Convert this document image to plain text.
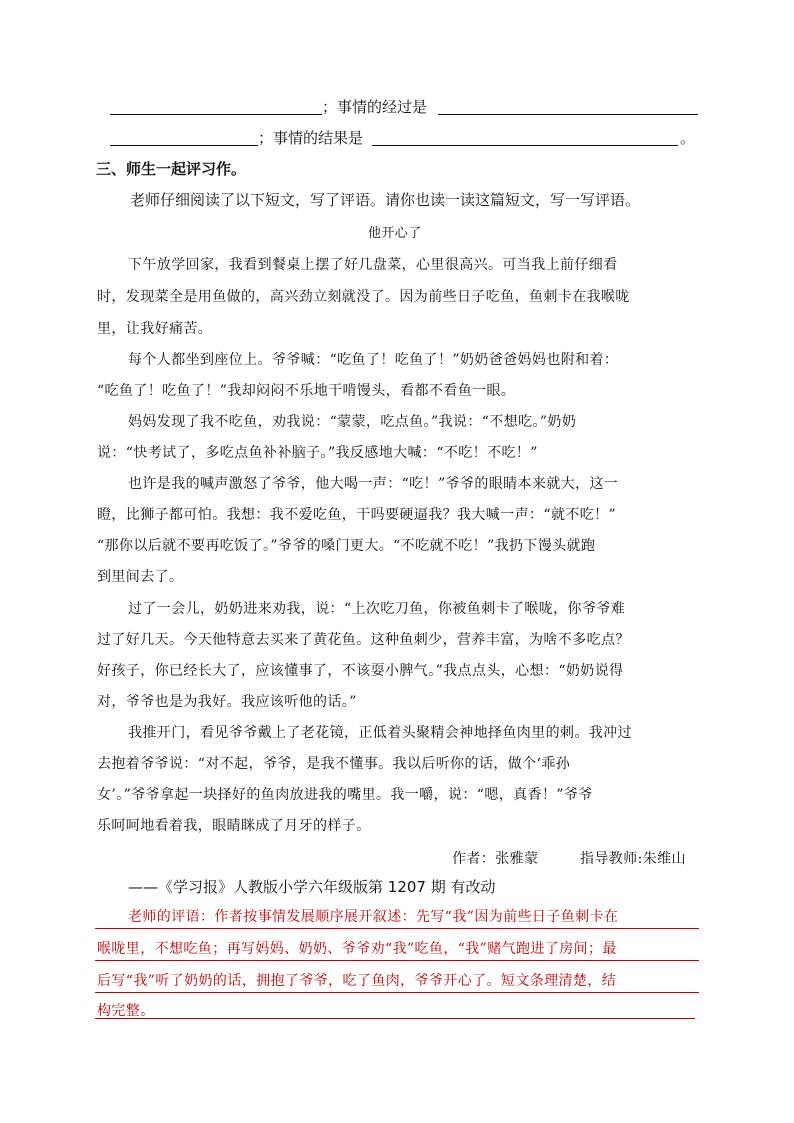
；事情的经过是
；事情的结果是	。
三、师生一起评习作。
老师仔细阅读了以下短文，写了评语。请你也读一读这篇短文，写一写评语。
他开心了
下午放学回家，我看到餐桌上摆了好几盘菜，心里很高兴。可当我上前仔细看
时，发现菜全是用鱼做的，高兴劲立刻就没了。因为前些日子吃鱼，鱼刺卡在我喉咙
里，让我好痛苦。
每个人都坐到座位上。爷爷喊：“吃鱼了！吃鱼了！”奶奶爸爸妈妈也附和着：
“吃鱼了！吃鱼了！”我却闷闷不乐地干啃馒头，看都不看鱼一眼。
妈妈发现了我不吃鱼，劝我说：“蒙蒙，吃点鱼。”我说：“不想吃。”奶奶
说：“快考试了，多吃点鱼补补脑子。”我反感地大喊：“不吃！不吃！”
也许是我的喊声激怒了爷爷，他大喝一声：“吃！”爷爷的眼睛本来就大，这一
瞪，比狮子都可怕。我想：我不爱吃鱼，干吗要硬逼我？我大喊一声：“就不吃！”
“那你以后就不要再吃饭了。”爷爷的嗓门更大。“不吃就不吃！”我扔下馒头就跑
到里间去了。
过了一会儿，奶奶进来劝我，说：“上次吃刀鱼，你被鱼刺卡了喉咙，你爷爷难
过了好几天。今天他特意去买来了黄花鱼。这种鱼刺少，营养丰富，为啥不多吃点？
好孩子，你已经长大了，应该懂事了，不该耍小脾气。”我点点头，心想：“奶奶说得
对，爷爷也是为我好。我应该听他的话。”
我推开门，看见爷爷戴上了老花镜，正低着头聚精会神地择鱼肉里的刺。我冲过
去抱着爷爷说：“对不起，爷爷，是我不懂事。我以后听你的话，做个‘乖孙
女’。”爷爷拿起一块择好的鱼肉放进我的嘴里。我一嚼，说：“嗯，真香！”爷爷
乐呵呵地看着我，眼睛眯成了月牙的样子。
作者：张雅蒙	指导教师:朱维山
——《学习报》人教版小学六年级版第 1207 期 有改动
老师的评语：作者按事情发展顺序展开叙述：先写“我”因为前些日子鱼刺卡在
喉咙里，不想吃鱼；再写妈妈、奶奶、爷爷劝“我”吃鱼，“我”赌气跑进了房间；最
后写“我”听了奶奶的话，拥抱了爷爷，吃了鱼肉，爷爷开心了。短文条理清楚，结
构完整。
